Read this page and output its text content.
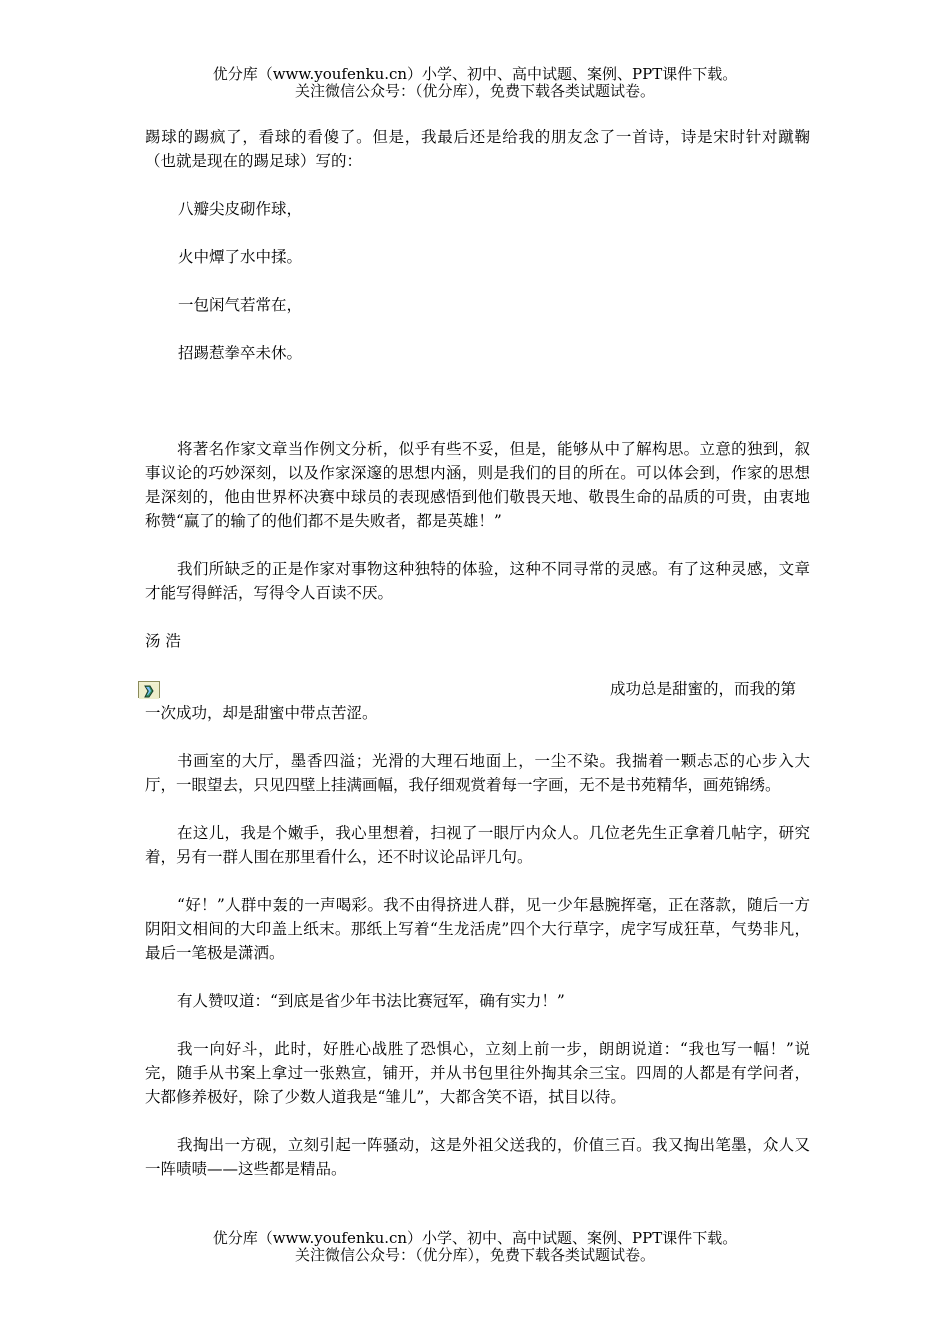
优分库（www.youfenku.cn）小学、初中、高中试题、案例、PPT课件下载。
关注微信公众号：（优分库），免费下载各类试题试卷。

踢球的踢疯了，看球的看傻了。但是，我最后还是给我的朋友念了一首诗，诗是宋时针对蹴鞠（也就是现在的踢足球）写的：

八瓣尖皮砌作球，
火中燂了水中揉。
一包闲气若常在，
招踢惹拳卒未休。

将著名作家文章当作例文分析，似乎有些不妥，但是，能够从中了解构思。立意的独到，叙事议论的巧妙深刻，以及作家深邃的思想内涵，则是我们的目的所在。可以体会到，作家的思想是深刻的，他由世界杯决赛中球员的表现感悟到他们敬畏天地、敬畏生命的品质的可贵，由衷地称赞“赢了的输了的他们都不是失败者，都是英雄！”

我们所缺乏的正是作家对事物这种独特的体验，这种不同寻常的灵感。有了这种灵感，文章才能写得鲜活，写得令人百读不厌。

汤 浩

成功总是甜蜜的，而我的第

一次成功，却是甜蜜中带点苦涩。

书画室的大厅，墨香四溢；光滑的大理石地面上，一尘不染。我揣着一颗忐忑的心步入大厅，一眼望去，只见四壁上挂满画幅，我仔细观赏着每一字画，无不是书苑精华，画苑锦绣。

在这儿，我是个嫩手，我心里想着，扫视了一眼厅内众人。几位老先生正拿着几帖字，研究着，另有一群人围在那里看什么，还不时议论品评几句。

“好！”人群中轰的一声喝彩。我不由得挤进人群，见一少年悬腕挥毫，正在落款，随后一方阴阳文相间的大印盖上纸末。那纸上写着“生龙活虎”四个大行草字，虎字写成狂草，气势非凡，最后一笔极是潇洒。

有人赞叹道：“到底是省少年书法比赛冠军，确有实力！”

我一向好斗，此时，好胜心战胜了恐惧心，立刻上前一步，朗朗说道：“我也写一幅！”说完，随手从书案上拿过一张熟宣，铺开，并从书包里往外掏其余三宝。四周的人都是有学问者，大都修养极好，除了少数人道我是“雏儿”，大都含笑不语，拭目以待。

我掏出一方砚，立刻引起一阵骚动，这是外祖父送我的，价值三百。我又掏出笔墨，众人又一阵啧啧——这些都是精品。

优分库（www.youfenku.cn）小学、初中、高中试题、案例、PPT课件下载。
关注微信公众号：（优分库），免费下载各类试题试卷。
